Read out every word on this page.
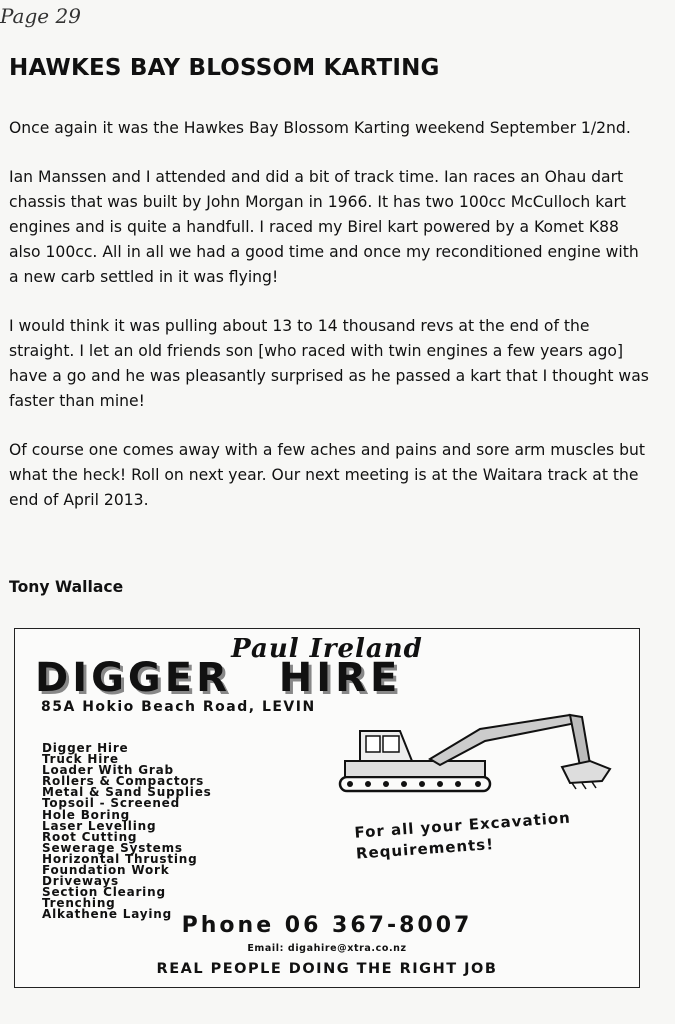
Page 29
HAWKES BAY BLOSSOM KARTING

Once again it was the Hawkes Bay Blossom Karting weekend September 1/2nd.

Ian Manssen and I attended and did a bit of track time. Ian races an Ohau dart chassis that was built by John Morgan in 1966. It has two 100cc McCulloch kart engines and is quite a handfull. I raced my Birel kart powered by a Komet K88 also 100cc. All in all we had a good time and once my reconditioned engine with a new carb settled in it was flying!

I would think it was pulling about 13 to 14 thousand revs at the end of the straight. I let an old friends son [who raced with twin engines a few years ago] have a go and he was pleasantly surprised as he passed a kart that I thought was faster than mine!

Of course one comes away with a few aches and pains and sore arm muscles but what the heck! Roll on next year. Our next meeting is at the Waitara track at the end of April 2013.

Tony Wallace
Paul Ireland
DIGGER HIRE
85A Hokio Beach Road, LEVIN
Digger Hire
Truck Hire
Loader With Grab
Rollers & Compactors
Metal & Sand Supplies
Topsoil - Screened
Hole Boring
Laser Levelling
Root Cutting
Sewerage Systems
Horizontal Thrusting
Foundation Work
Driveways
Section Clearing
Trenching
Alkathene Laying
For all your Excavation Requirements!
Phone 06 367-8007
Email: digahire@xtra.co.nz
REAL PEOPLE DOING THE RIGHT JOB
